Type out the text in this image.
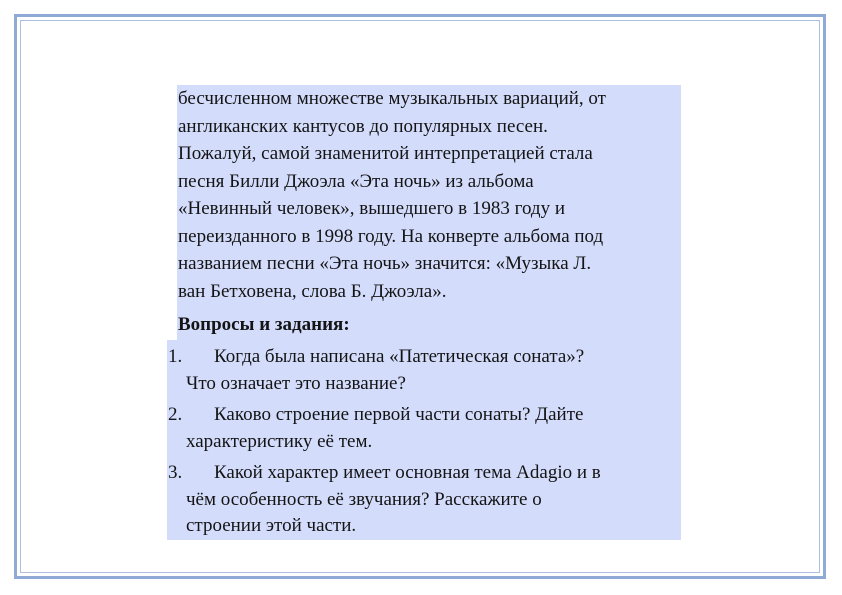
бесчисленном множестве музыкальных вариаций, от

англиканских кантусов до популярных песен.

Пожалуй, самой знаменитой интерпретацией стала

песня Билли Джоэла «Эта ночь» из альбома

«Невинный человек», вышедшего в 1983 году и

переизданного в 1998 году. На конверте альбома под

названием песни «Эта ночь» значится: «Музыка Л.

ван Бетховена, слова Б. Джоэла».

Вопросы и задания:

1.	Когда была написана «Патетическая соната»?
Что означает это название?
2.	Каково строение первой части сонаты? Дайте
характеристику её тем.
3.	Какой характер имеет основная тема Adagio и в
чём особенность её звучания? Расскажите о
строении этой части.
